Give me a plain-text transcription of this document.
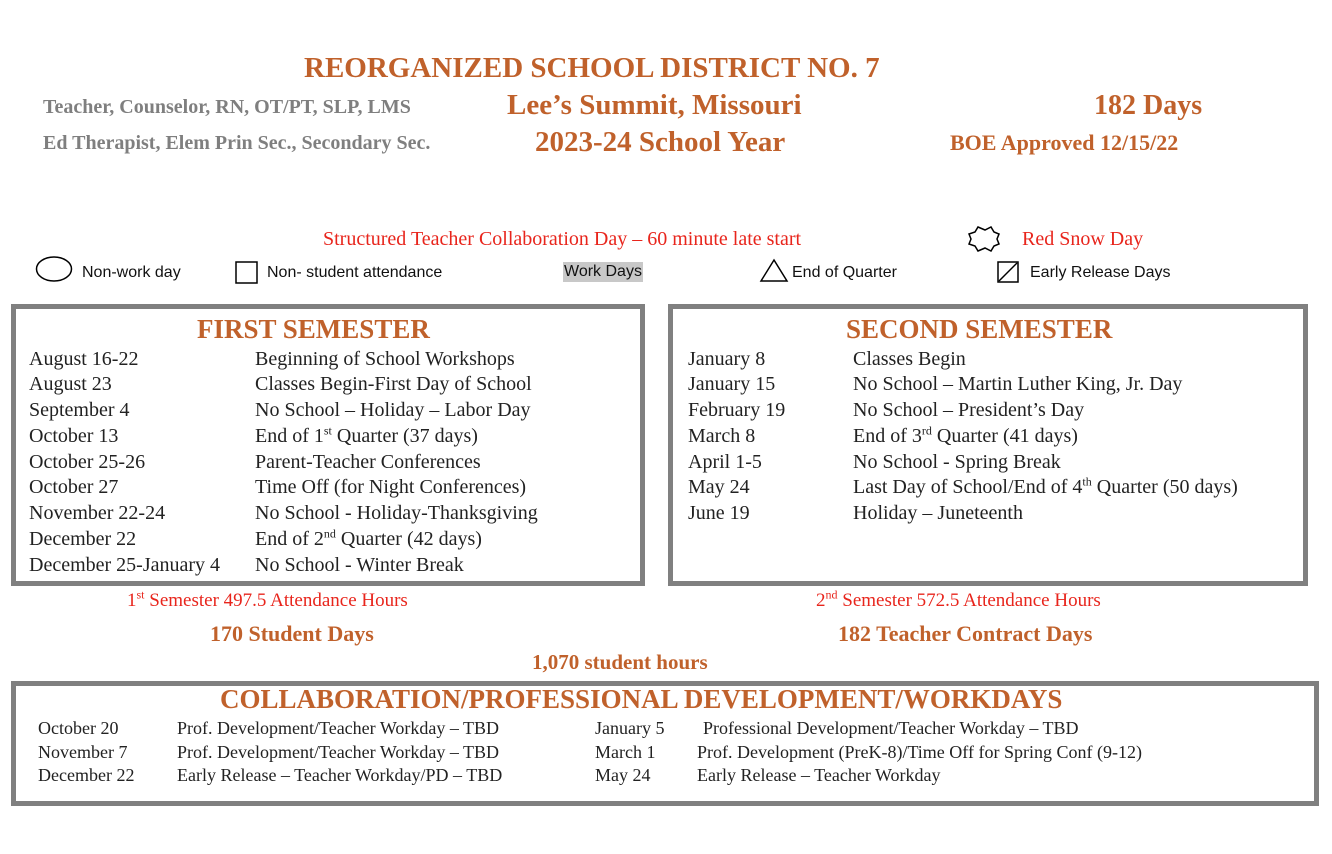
REORGANIZED SCHOOL DISTRICT NO. 7
Teacher, Counselor, RN, OT/PT, SLP, LMS
Ed Therapist, Elem Prin Sec., Secondary Sec.
Lee’s Summit, Missouri
2023-24 School Year
182 Days
BOE Approved 12/15/22
Structured Teacher Collaboration Day – 60 minute late start	Red Snow Day
Non-work day	Non- student attendance	Work Days	End of Quarter	Early Release Days
FIRST SEMESTER
August 16-22	Beginning of School Workshops
August 23	Classes Begin-First Day of School
September 4	No School – Holiday – Labor Day
October 13	End of 1st Quarter (37 days)
October 25-26	Parent-Teacher Conferences
October 27	Time Off (for Night Conferences)
November 22-24	No School - Holiday-Thanksgiving
December 22	End of 2nd Quarter (42 days)
December 25-January 4 No School - Winter Break
SECOND SEMESTER
January 8	Classes Begin
January 15	No School – Martin Luther King, Jr. Day
February 19	No School – President’s Day
March 8	End of 3rd Quarter (41 days)
April 1-5	No School - Spring Break
May 24	Last Day of School/End of 4th Quarter (50 days)
June 19	Holiday – Juneteenth
1st Semester 497.5 Attendance Hours	2nd Semester 572.5 Attendance Hours
170 Student Days	182 Teacher Contract Days
1,070 student hours
COLLABORATION/PROFESSIONAL DEVELOPMENT/WORKDAYS
October 20	Prof. Development/Teacher Workday – TBD
November 7	Prof. Development/Teacher Workday – TBD
December 22 Early Release – Teacher Workday/PD – TBD
January 5 Professional Development/Teacher Workday – TBD
March 1 Prof. Development (PreK-8)/Time Off for Spring Conf (9-12)
May 24	Early Release – Teacher Workday
